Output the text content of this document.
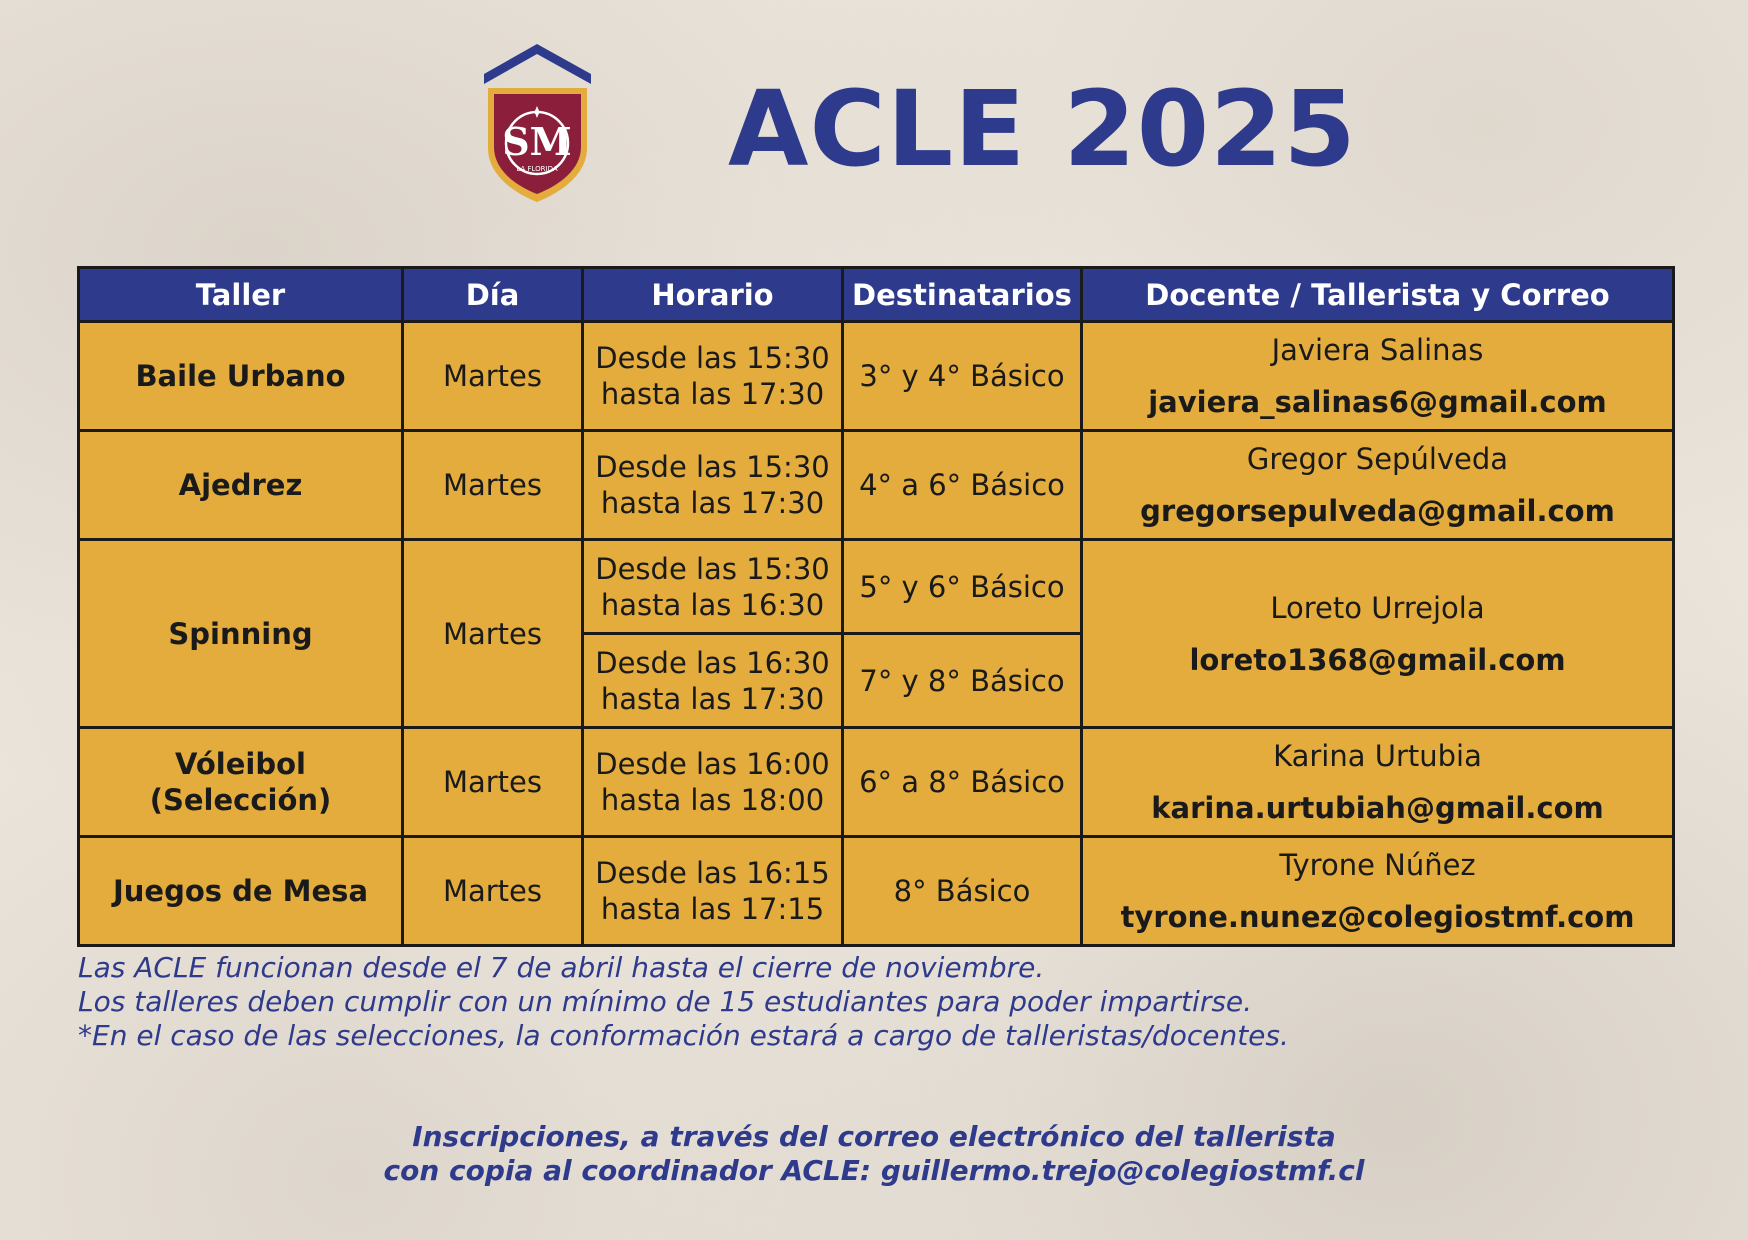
SM
LA FLORIDA ACLE 2025
Taller	Día	Horario	Destinatarios	Docente / Tallerista y Correo
Baile Urbano	Martes	Desde las 15:30 hasta las 17:30	3° y 4° Básico	Javiera Salinas
javiera_salinas6@gmail.com

Ajedrez	Martes	Desde las 15:30 hasta las 17:30	4° a 6° Básico	Gregor Sepúlveda
gregorsepulveda@gmail.com

Spinning	Martes	Desde las 15:30 hasta las 16:30	5° y 6° Básico	Loreto Urrejola
loreto1368@gmail.com

		Desde las 16:30 hasta las 17:30	7° y 8° Básico	
Vóleibol (Selección)	Martes	Desde las 16:00 hasta las 18:00	6° a 8° Básico	Karina Urtubia
karina.urtubiah@gmail.com

Juegos de Mesa	Martes	Desde las 16:15 hasta las 17:15	8° Básico	Tyrone Núñez
tyrone.nunez@colegiostmf.com
Las ACLE funcionan desde el 7 de abril hasta el cierre de noviembre.
Los talleres deben cumplir con un mínimo de 15 estudiantes para poder impartirse.
*En el caso de las selecciones, la conformación estará a cargo de talleristas/docentes.
Inscripciones, a través del correo electrónico del tallerista
con copia al coordinador ACLE: guillermo.trejo@colegiostmf.cl
